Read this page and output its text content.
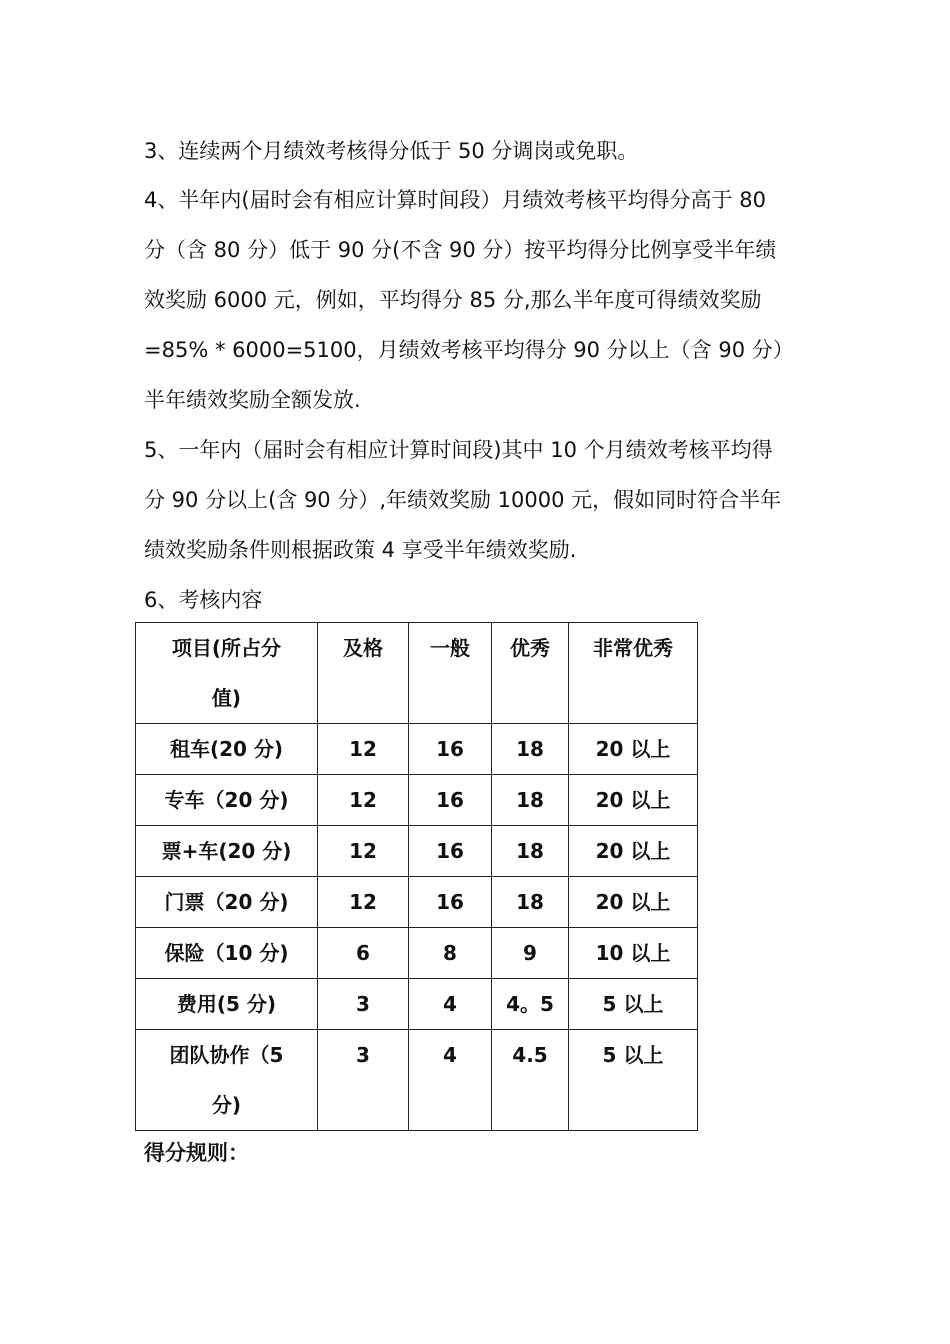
3、连续两个月绩效考核得分低于 50 分调岗或免职。
4、半年内(届时会有相应计算时间段）月绩效考核平均得分高于 80
分（含 80 分）低于 90 分(不含 90 分）按平均得分比例享受半年绩
效奖励 6000 元，例如，平均得分 85 分,那么半年度可得绩效奖励
=85% * 6000=5100，月绩效考核平均得分 90 分以上（含 90 分）
半年绩效奖励全额发放.
5、一年内（届时会有相应计算时间段)其中 10 个月绩效考核平均得
分 90 分以上(含 90 分）,年绩效奖励 10000 元，假如同时符合半年
绩效奖励条件则根据政策 4 享受半年绩效奖励.
6、考核内容
项目(所占分值)	及格	一般	优秀	非常优秀
租车(20 分)	12	16	18	20 以上
专车（20 分)	12	16	18	20 以上
票+车(20 分)	12	16	18	20 以上
门票（20 分)	12	16	18	20 以上
保险（10 分)	6	8	9	10 以上
费用(5 分)	3	4	4。5	5 以上

团队协作（5 分)	3	4	4.5	5 以上
得分规则：
